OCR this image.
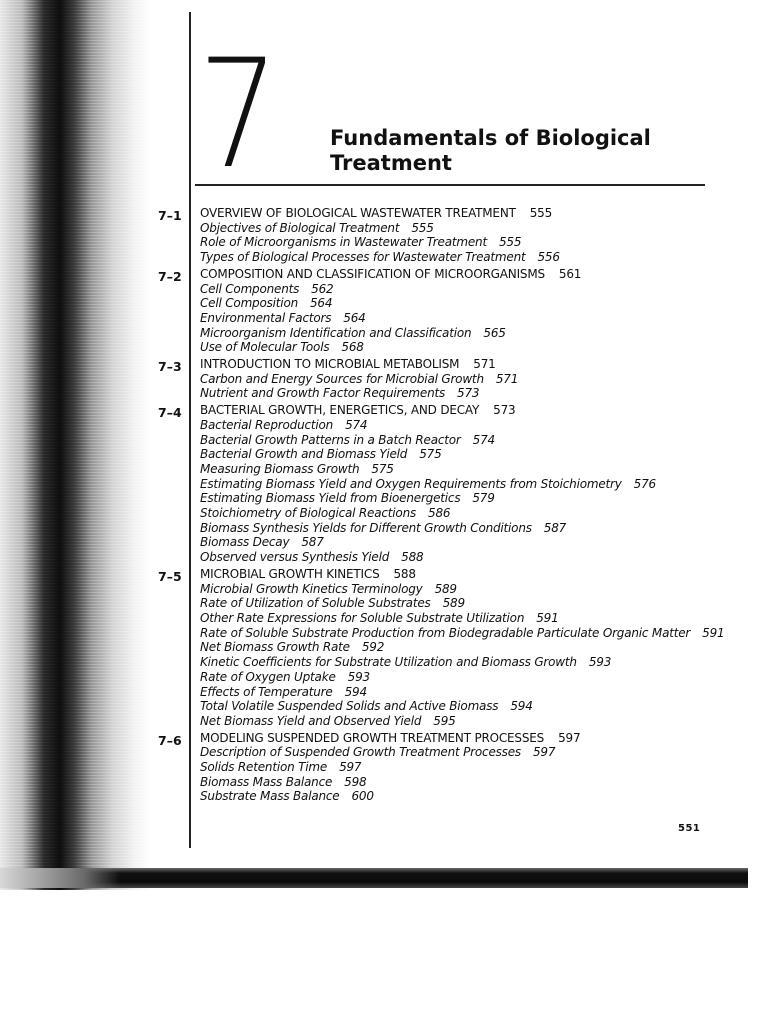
7	Fundamentals of Biological
Treatment
7–1	OVERVIEW OF BIOLOGICAL WASTEWATER TREATMENT 555
Objectives of Biological Treatment 555
Role of Microorganisms in Wastewater Treatment 555
Types of Biological Processes for Wastewater Treatment 556
7–2	COMPOSITION AND CLASSIFICATION OF MICROORGANISMS 561
Cell Components 562
Cell Composition 564
Environmental Factors 564
Microorganism Identification and Classification 565
Use of Molecular Tools 568
7–3	INTRODUCTION TO MICROBIAL METABOLISM 571
Carbon and Energy Sources for Microbial Growth 571
Nutrient and Growth Factor Requirements 573
7–4	BACTERIAL GROWTH, ENERGETICS, AND DECAY 573
Bacterial Reproduction 574
Bacterial Growth Patterns in a Batch Reactor 574
Bacterial Growth and Biomass Yield 575
Measuring Biomass Growth 575
Estimating Biomass Yield and Oxygen Requirements from Stoichiometry 576
Estimating Biomass Yield from Bioenergetics 579
Stoichiometry of Biological Reactions 586
Biomass Synthesis Yields for Different Growth Conditions 587
Biomass Decay 587
Observed versus Synthesis Yield 588
7–5	MICROBIAL GROWTH KINETICS 588
Microbial Growth Kinetics Terminology 589
Rate of Utilization of Soluble Substrates 589
Other Rate Expressions for Soluble Substrate Utilization 591
Rate of Soluble Substrate Production from Biodegradable Particulate Organic Matter 591
Net Biomass Growth Rate 592
Kinetic Coefficients for Substrate Utilization and Biomass Growth 593
Rate of Oxygen Uptake 593
Effects of Temperature 594
Total Volatile Suspended Solids and Active Biomass 594
Net Biomass Yield and Observed Yield 595
7–6	MODELING SUSPENDED GROWTH TREATMENT PROCESSES 597
Description of Suspended Growth Treatment Processes 597
Solids Retention Time 597
Biomass Mass Balance 598
Substrate Mass Balance 600
551
